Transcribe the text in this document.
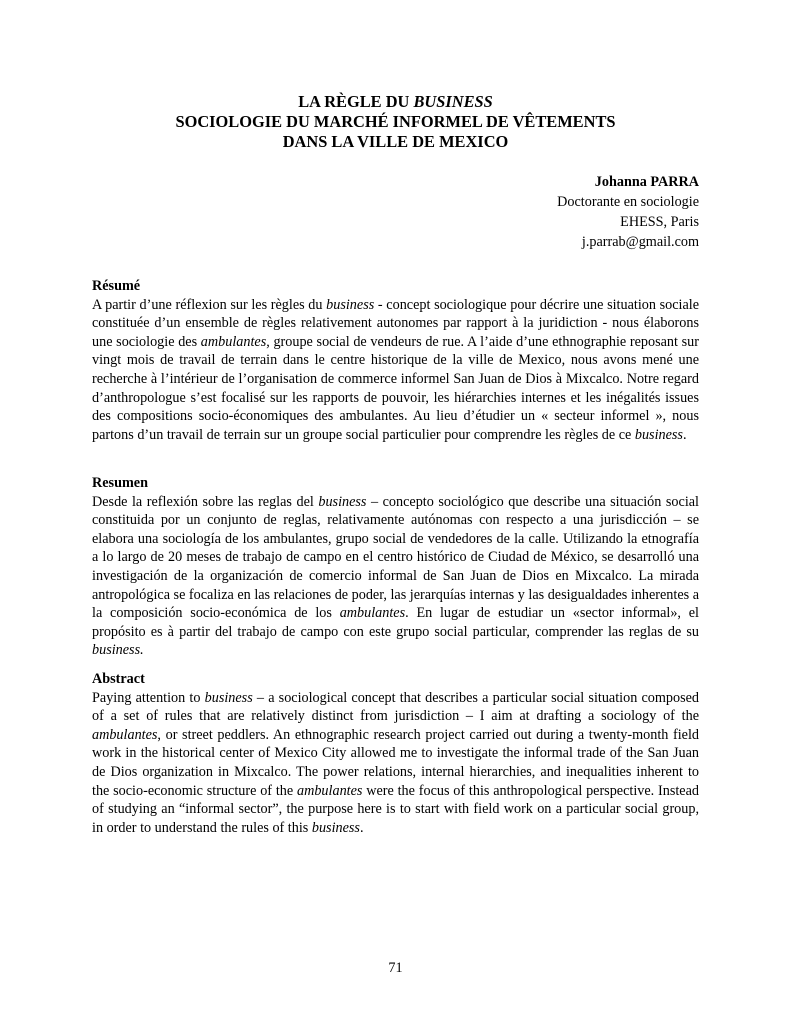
LA RÈGLE DU BUSINESS
SOCIOLOGIE DU MARCHÉ INFORMEL DE VÊTEMENTS
DANS LA VILLE DE MEXICO
Johanna PARRA
Doctorante en sociologie
EHESS, Paris
j.parrab@gmail.com
Résumé
A partir d’une réflexion sur les règles du business - concept sociologique pour décrire une situation sociale constituée d’un ensemble de règles relativement autonomes par rapport à la juridiction - nous élaborons une sociologie des ambulantes, groupe social de vendeurs de rue. A l’aide d’une ethnographie reposant sur vingt mois de travail de terrain dans le centre historique de la ville de Mexico, nous avons mené une recherche à l’intérieur de l’organisation de commerce informel San Juan de Dios à Mixcalco. Notre regard d’anthropologue s’est focalisé sur les rapports de pouvoir, les hiérarchies internes et les inégalités issues des compositions socio-économiques des ambulantes. Au lieu d’étudier un « secteur informel », nous partons d’un travail de terrain sur un groupe social particulier pour comprendre les règles de ce business.
Resumen
Desde la reflexión sobre las reglas del business – concepto sociológico que describe una situación social constituida por un conjunto de reglas, relativamente autónomas con respecto a una jurisdicción – se elabora una sociología de los ambulantes, grupo social de vendedores de la calle. Utilizando la etnografía a lo largo de 20 meses de trabajo de campo en el centro histórico de Ciudad de México, se desarrolló una investigación de la organización de comercio informal de San Juan de Dios en Mixcalco. La mirada antropológica se focaliza en las relaciones de poder, las jerarquías internas y las desigualdades inherentes a la composición socio-económica de los ambulantes. En lugar de estudiar un «sector informal», el propósito es à partir del trabajo de campo con este grupo social particular, comprender las reglas de su business.
Abstract
Paying attention to business – a sociological concept that describes a particular social situation composed of a set of rules that are relatively distinct from jurisdiction – I aim at drafting a sociology of the ambulantes, or street peddlers. An ethnographic research project carried out during a twenty-month field work in the historical center of Mexico City allowed me to investigate the informal trade of the San Juan de Dios organization in Mixcalco. The power relations, internal hierarchies, and inequalities inherent to the socio-economic structure of the ambulantes were the focus of this anthropological perspective. Instead of studying an “informal sector”, the purpose here is to start with field work on a particular social group, in order to understand the rules of this business.
71
